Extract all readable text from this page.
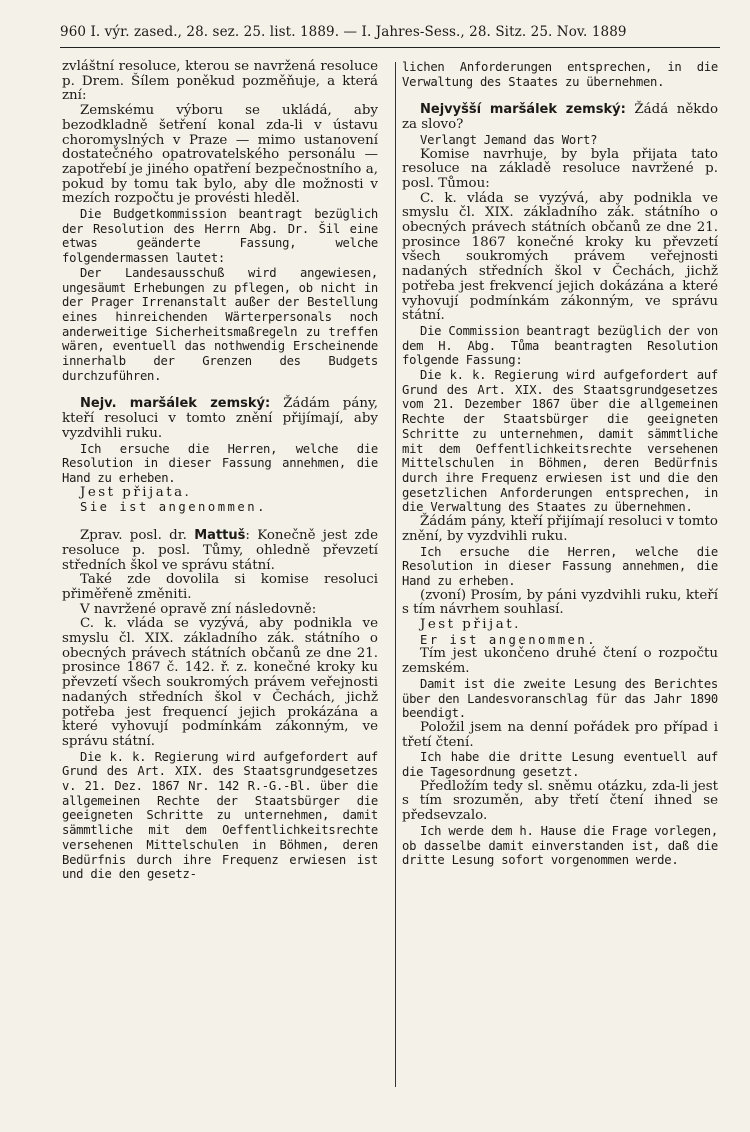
960 I. výr. zased., 28. sez. 25. list. 1889. — I. Jahres-Sess., 28. Sitz. 25. Nov. 1889

zvláštní resoluce, kterou se navržená resoluce p. Drem. Šílem poněkud pozměňuje, a která zní:

Zemskému výboru se ukládá, aby bezodkladně šetření konal zda-li v ústavu choromyslných v Praze — mimo ustanovení dostatečného opatrovatelského personálu — zapotřebí je jiného opatření bezpečnostního a, pokud by tomu tak bylo, aby dle možnosti v mezích rozpočtu je provésti hleděl.

Die Budgetkommission beantragt bezüglich der Resolution des Herrn Abg. Dr. Šil eine etwas geänderte Fassung, welche folgendermassen lautet:

Der Landesausschuß wird angewiesen, ungesäumt Erhebungen zu pflegen, ob nicht in der Prager Irrenanstalt außer der Bestellung eines hinreichenden Wärterpersonals noch anderweitige Sicherheitsmaßregeln zu treffen wären, eventuell das nothwendig Erscheinende innerhalb der Grenzen des Budgets durchzuführen.

Nejv. maršálek zemský: Žádám pány, kteří resoluci v tomto znění přijímají, aby vyzdvihli ruku.

Ich ersuche die Herren, welche die Resolution in dieser Fassung annehmen, die Hand zu erheben.

Jest přijata.

Sie ist angenommen.

Zprav. posl. dr. Mattuš: Konečně jest zde resoluce p. posl. Tůmy, ohledně převzetí středních škol ve správu státní.

Také zde dovolila si komise resoluci přiměřeně změniti.

V navržené opravě zní následovně:

C. k. vláda se vyzývá, aby podnikla ve smyslu čl. XIX. základního zák. státního o obecných právech státních občanů ze dne 21. prosince 1867 č. 142. ř. z. konečné kroky ku převzetí všech soukromých právem veřejnosti nadaných středních škol v Čechách, jichž potřeba jest frequencí jejich prokázána a které vyhovují podmínkám zákonným, ve správu státní.

Die k. k. Regierung wird aufgefordert auf Grund des Art. XIX. des Staatsgrundgesetzes v. 21. Dez. 1867 Nr. 142 R.-G.-Bl. über die allgemeinen Rechte der Staatsbürger die geeigneten Schritte zu unternehmen, damit sämmtliche mit dem Oeffentlichkeitsrechte versehenen Mittelschulen in Böhmen, deren Bedürfnis durch ihre Frequenz erwiesen ist und die den gesetz-

lichen Anforderungen entsprechen, in die Verwaltung des Staates zu übernehmen.

Nejvyšší maršálek zemský: Žádá někdo za slovo?

Verlangt Jemand das Wort?

Komise navrhuje, by byla přijata tato resoluce na základě resoluce navržené p. posl. Tůmou:

C. k. vláda se vyzývá, aby podnikla ve smyslu čl. XIX. základního zák. státního o obecných právech státních občanů ze dne 21. prosince 1867 konečné kroky ku převzetí všech soukromých právem veřejnosti nadaných středních škol v Čechách, jichž potřeba jest frekvencí jejich dokázána a které vyhovují podmínkám zákonným, ve správu státní.

Die Commission beantragt bezüglich der von dem H. Abg. Tůma beantragten Resolution folgende Fassung:

Die k. k. Regierung wird aufgefordert auf Grund des Art. XIX. des Staatsgrundgesetzes vom 21. Dezember 1867 über die allgemeinen Rechte der Staatsbürger die geeigneten Schritte zu unternehmen, damit sämmtliche mit dem Oeffentlichkeitsrechte versehenen Mittelschulen in Böhmen, deren Bedürfnis durch ihre Frequenz erwiesen ist und die den gesetzlichen Anforderungen entsprechen, in die Verwaltung des Staates zu übernehmen.

Žádám pány, kteří přijímají resoluci v tomto znění, by vyzdvihli ruku.

Ich ersuche die Herren, welche die Resolution in dieser Fassung annehmen, die Hand zu erheben.

(zvoní) Prosím, by páni vyzdvihli ruku, kteří s tím návrhem souhlasí.

Jest přijat.

Er ist angenommen.

Tím jest ukončeno druhé čtení o rozpočtu zemském.

Damit ist die zweite Lesung des Berichtes über den Landesvoranschlag für das Jahr 1890 beendigt.

Položil jsem na denní pořádek pro případ i třetí čtení.

Ich habe die dritte Lesung eventuell auf die Tagesordnung gesetzt.

Předložím tedy sl. sněmu otázku, zda-li jest s tím srozuměn, aby třetí čtení ihned se předsevzalo.

Ich werde dem h. Hause die Frage vorlegen, ob dasselbe damit einverstanden ist, daß die dritte Lesung sofort vorgenommen werde.
